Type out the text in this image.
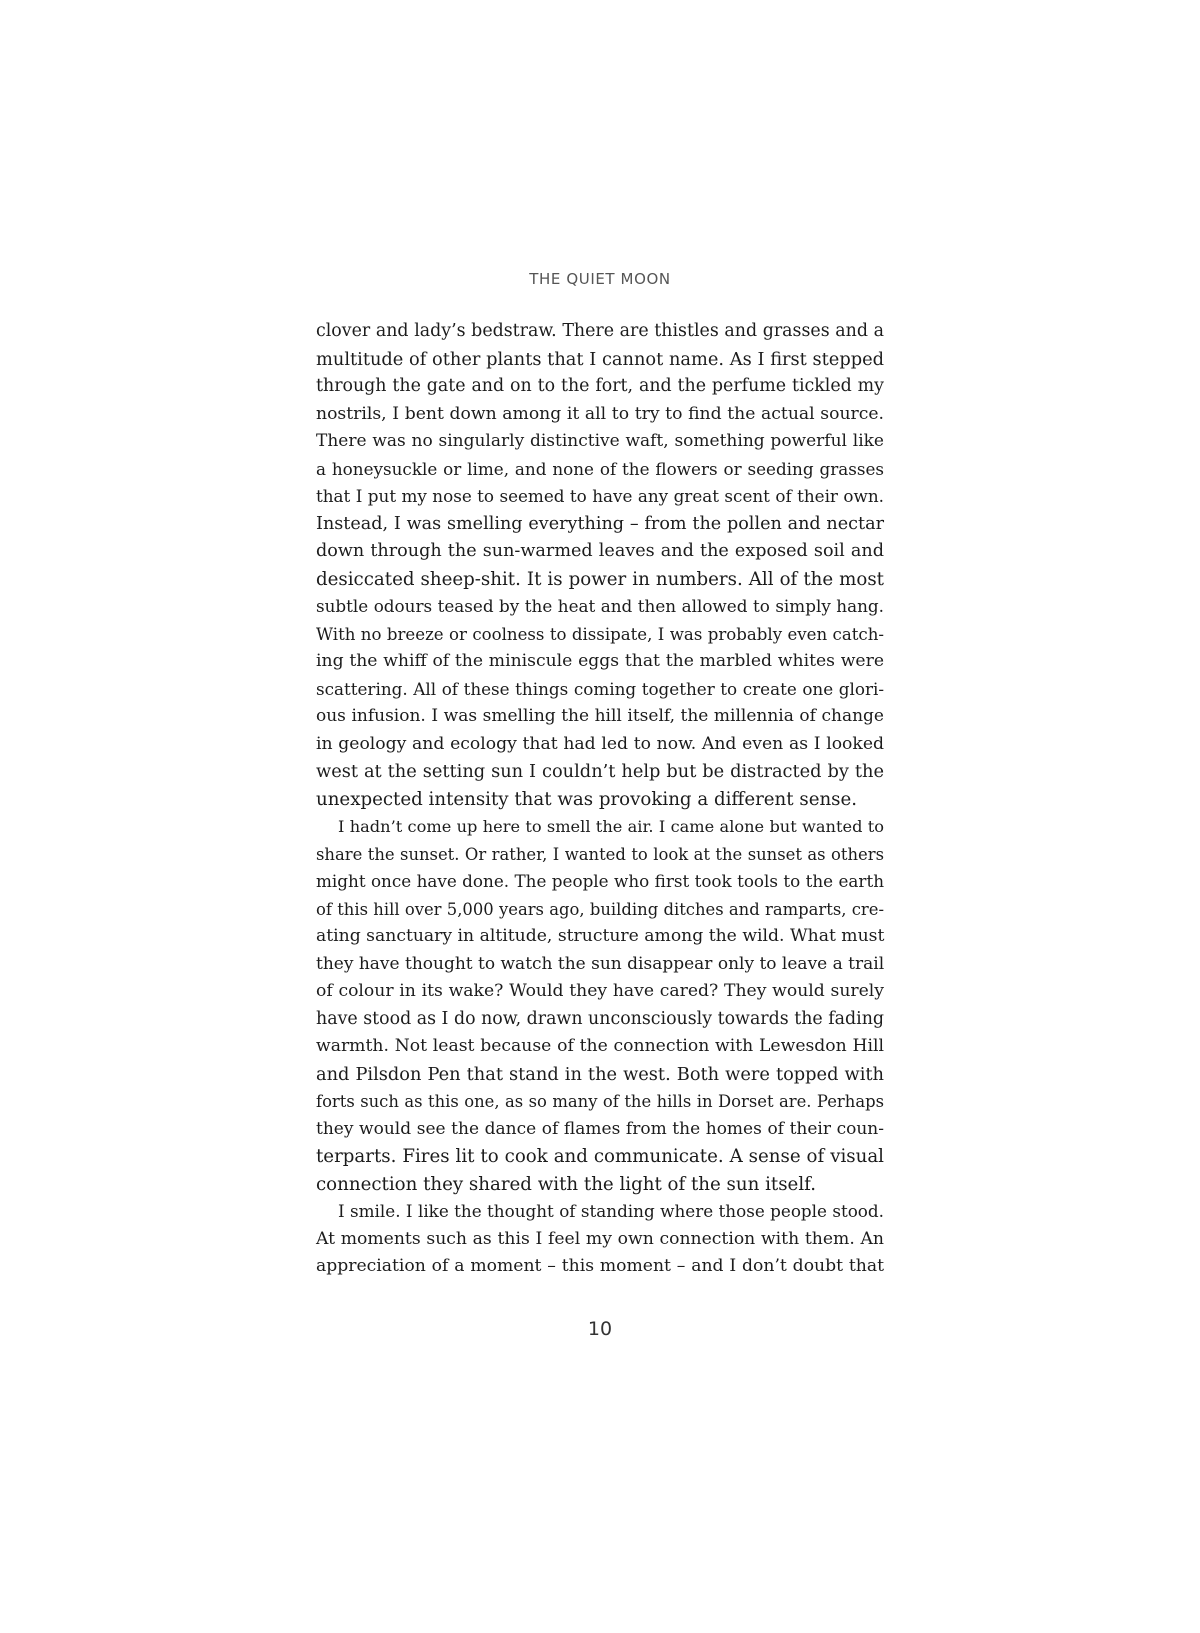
THE QUIET MOON
clover and lady’s bedstraw. There are thistles and grasses and a
multitude of other plants that I cannot name. As I first stepped
through the gate and on to the fort, and the perfume tickled my
nostrils, I bent down among it all to try to find the actual source.
There was no singularly distinctive waft, something powerful like
a honeysuckle or lime, and none of the flowers or seeding grasses
that I put my nose to seemed to have any great scent of their own.
Instead, I was smelling everything – from the pollen and nectar
down through the sun-warmed leaves and the exposed soil and
desiccated sheep-shit. It is power in numbers. All of the most
subtle odours teased by the heat and then allowed to simply hang.
With no breeze or coolness to dissipate, I was probably even catch-
ing the whiff of the miniscule eggs that the marbled whites were
scattering. All of these things coming together to create one glori-
ous infusion. I was smelling the hill itself, the millennia of change
in geology and ecology that had led to now. And even as I looked
west at the setting sun I couldn’t help but be distracted by the
unexpected intensity that was provoking a different sense.
I hadn’t come up here to smell the air. I came alone but wanted to
share the sunset. Or rather, I wanted to look at the sunset as others
might once have done. The people who first took tools to the earth
of this hill over 5,000 years ago, building ditches and ramparts, cre-
ating sanctuary in altitude, structure among the wild. What must
they have thought to watch the sun disappear only to leave a trail
of colour in its wake? Would they have cared? They would surely
have stood as I do now, drawn unconsciously towards the fading
warmth. Not least because of the connection with Lewesdon Hill
and Pilsdon Pen that stand in the west. Both were topped with
forts such as this one, as so many of the hills in Dorset are. Perhaps
they would see the dance of flames from the homes of their coun-
terparts. Fires lit to cook and communicate. A sense of visual
connection they shared with the light of the sun itself.
I smile. I like the thought of standing where those people stood.
At moments such as this I feel my own connection with them. An
appreciation of a moment – this moment – and I don’t doubt that
10
